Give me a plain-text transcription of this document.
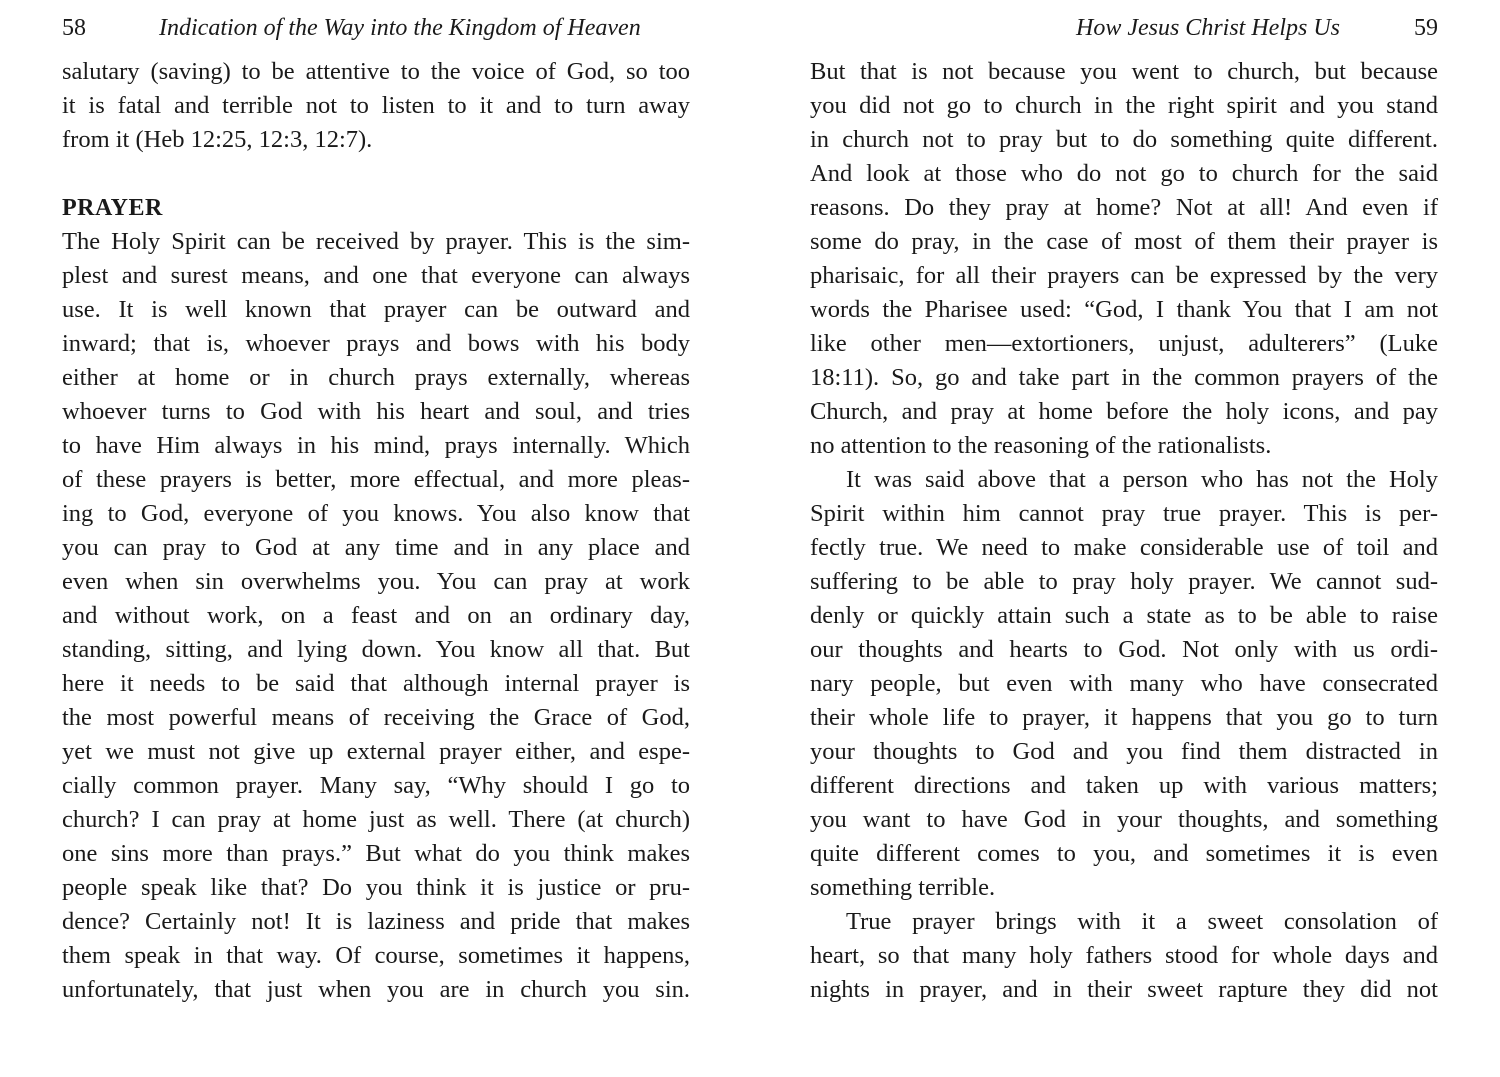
58	Indication of the Way into the Kingdom of Heaven
salutary (saving) to be attentive to the voice of God, so too
it is fatal and terrible not to listen to it and to turn away
from it (Heb 12:25, 12:3, 12:7).
PRAYER
The Holy Spirit can be received by prayer. This is the sim-
plest and surest means, and one that everyone can always
use. It is well known that prayer can be outward and
inward; that is, whoever prays and bows with his body
either at home or in church prays externally, whereas
whoever turns to God with his heart and soul, and tries
to have Him always in his mind, prays internally. Which
of these prayers is better, more effectual, and more pleas-
ing to God, everyone of you knows. You also know that
you can pray to God at any time and in any place and
even when sin overwhelms you. You can pray at work
and without work, on a feast and on an ordinary day,
standing, sitting, and lying down. You know all that. But
here it needs to be said that although internal prayer is
the most powerful means of receiving the Grace of God,
yet we must not give up external prayer either, and espe-
cially common prayer. Many say, “Why should I go to
church? I can pray at home just as well. There (at church)
one sins more than prays.” But what do you think makes
people speak like that? Do you think it is justice or pru-
dence? Certainly not! It is laziness and pride that makes
them speak in that way. Of course, sometimes it happens,
unfortunately, that just when you are in church you sin.
How Jesus Christ Helps Us	59
But that is not because you went to church, but because
you did not go to church in the right spirit and you stand
in church not to pray but to do something quite different.
And look at those who do not go to church for the said
reasons. Do they pray at home? Not at all! And even if
some do pray, in the case of most of them their prayer is
pharisaic, for all their prayers can be expressed by the very
words the Pharisee used: “God, I thank You that I am not
like other men—extortioners, unjust, adulterers” (Luke
18:11). So, go and take part in the common prayers of the
Church, and pray at home before the holy icons, and pay
no attention to the reasoning of the rationalists.
It was said above that a person who has not the Holy
Spirit within him cannot pray true prayer. This is per-
fectly true. We need to make considerable use of toil and
suffering to be able to pray holy prayer. We cannot sud-
denly or quickly attain such a state as to be able to raise
our thoughts and hearts to God. Not only with us ordi-
nary people, but even with many who have consecrated
their whole life to prayer, it happens that you go to turn
your thoughts to God and you find them distracted in
different directions and taken up with various matters;
you want to have God in your thoughts, and something
quite different comes to you, and sometimes it is even
something terrible.
True prayer brings with it a sweet consolation of
heart, so that many holy fathers stood for whole days and
nights in prayer, and in their sweet rapture they did not
